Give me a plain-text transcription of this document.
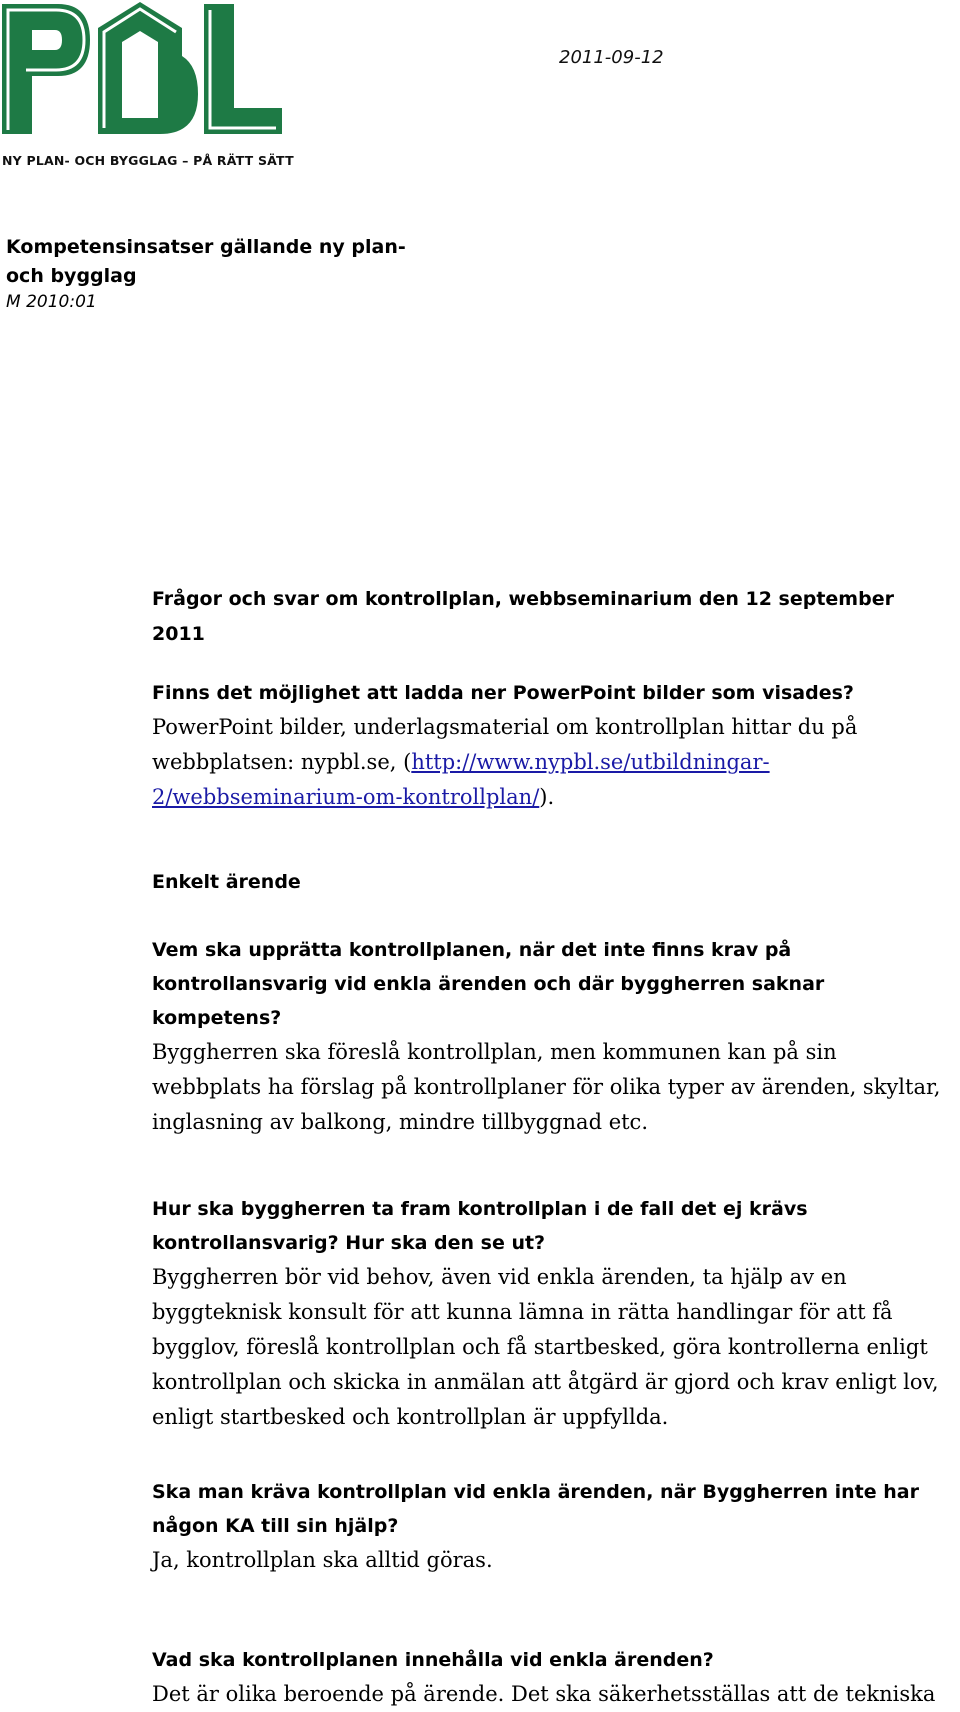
NY PLAN- OCH BYGGLAG – PÅ RÄTT SÄTT
2011-09-12
Kompetensinsatser gällande ny plan- och bygglag
M 2010:01
Frågor och svar om kontrollplan, webbseminarium den 12 september 2011

Finns det möjlighet att ladda ner PowerPoint bilder som visades?

PowerPoint bilder, underlagsmaterial om kontrollplan hittar du på webbplatsen: nypbl.se, (http://www.nypbl.se/utbildningar-2/webbseminarium-om-kontrollplan/).

Enkelt ärende

Vem ska upprätta kontrollplanen, när det inte finns krav på kontrollansvarig vid enkla ärenden och där byggherren saknar kompetens?

Byggherren ska föreslå kontrollplan, men kommunen kan på sin webbplats ha förslag på kontrollplaner för olika typer av ärenden, skyltar, inglasning av balkong, mindre tillbyggnad etc.

Hur ska byggherren ta fram kontrollplan i de fall det ej krävs kontrollansvarig? Hur ska den se ut?

Byggherren bör vid behov, även vid enkla ärenden, ta hjälp av en byggteknisk konsult för att kunna lämna in rätta handlingar för att få bygglov, föreslå kontrollplan och få startbesked, göra kontrollerna enligt kontrollplan och skicka in anmälan att åtgärd är gjord och krav enligt lov, enligt startbesked och kontrollplan är uppfyllda.

Ska man kräva kontrollplan vid enkla ärenden, när Byggherren inte har någon KA till sin hjälp?

Ja, kontrollplan ska alltid göras.

Vad ska kontrollplanen innehålla vid enkla ärenden?

Det är olika beroende på ärende. Det ska säkerhetsställas att de tekniska
